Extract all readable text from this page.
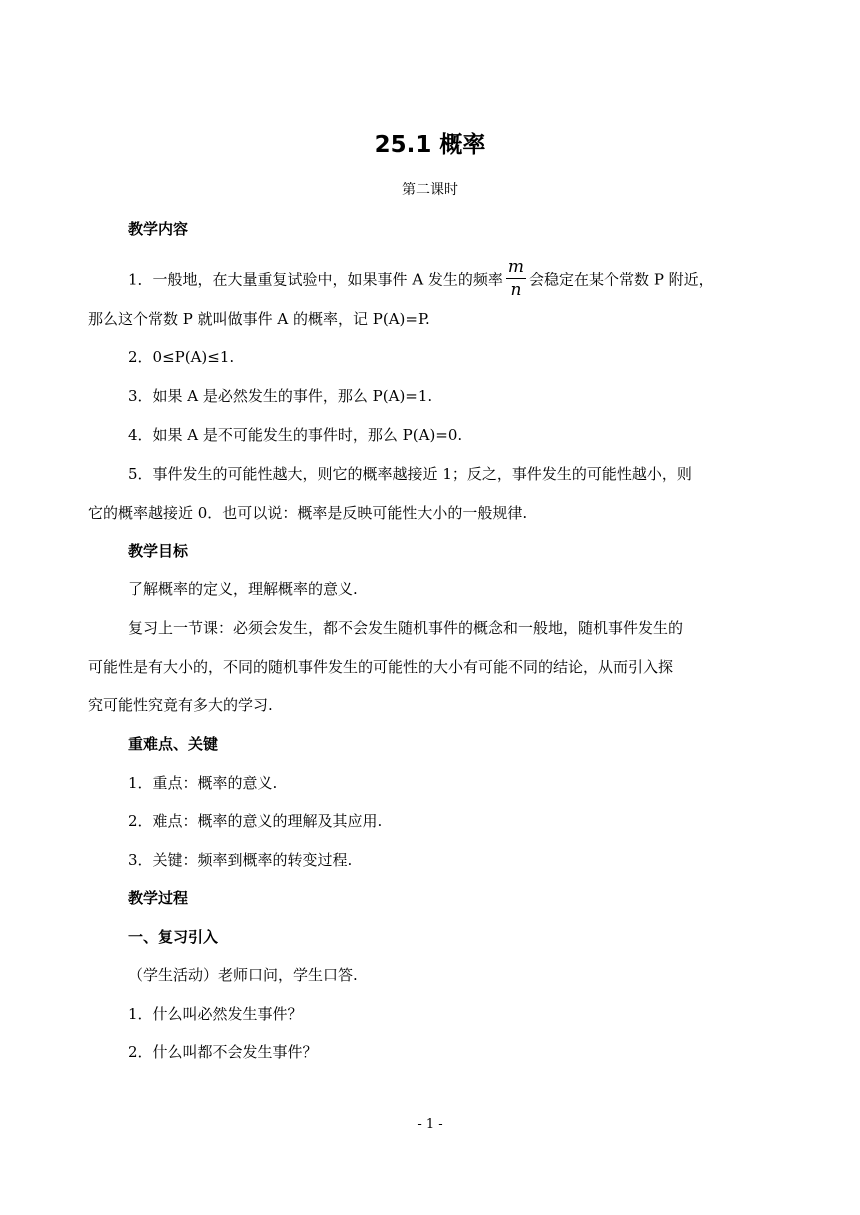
25.1 概率
第二课时
教学内容
1．一般地，在大量重复试验中，如果事件 A 发生的频率 $\frac{m}{n}$ 会稳定在某个常数 P 附近，
那么这个常数 P 就叫做事件 A 的概率，记 P(A)=P.
2．0≤P(A)≤1.
3．如果 A 是必然发生的事件，那么 P(A)=1.
4．如果 A 是不可能发生的事件时，那么 P(A)=0.
5．事件发生的可能性越大，则它的概率越接近 1；反之，事件发生的可能性越小，则
它的概率越接近 0．也可以说：概率是反映可能性大小的一般规律.
教学目标
了解概率的定义，理解概率的意义.
复习上一节课：必须会发生，都不会发生随机事件的概念和一般地，随机事件发生的
可能性是有大小的，不同的随机事件发生的可能性的大小有可能不同的结论，从而引入探
究可能性究竟有多大的学习.
重难点、关键
1．重点：概率的意义.
2．难点：概率的意义的理解及其应用.
3．关键：频率到概率的转变过程.
教学过程
一、复习引入
（学生活动）老师口问，学生口答.
1．什么叫必然发生事件？
2．什么叫都不会发生事件？
- 1 -
